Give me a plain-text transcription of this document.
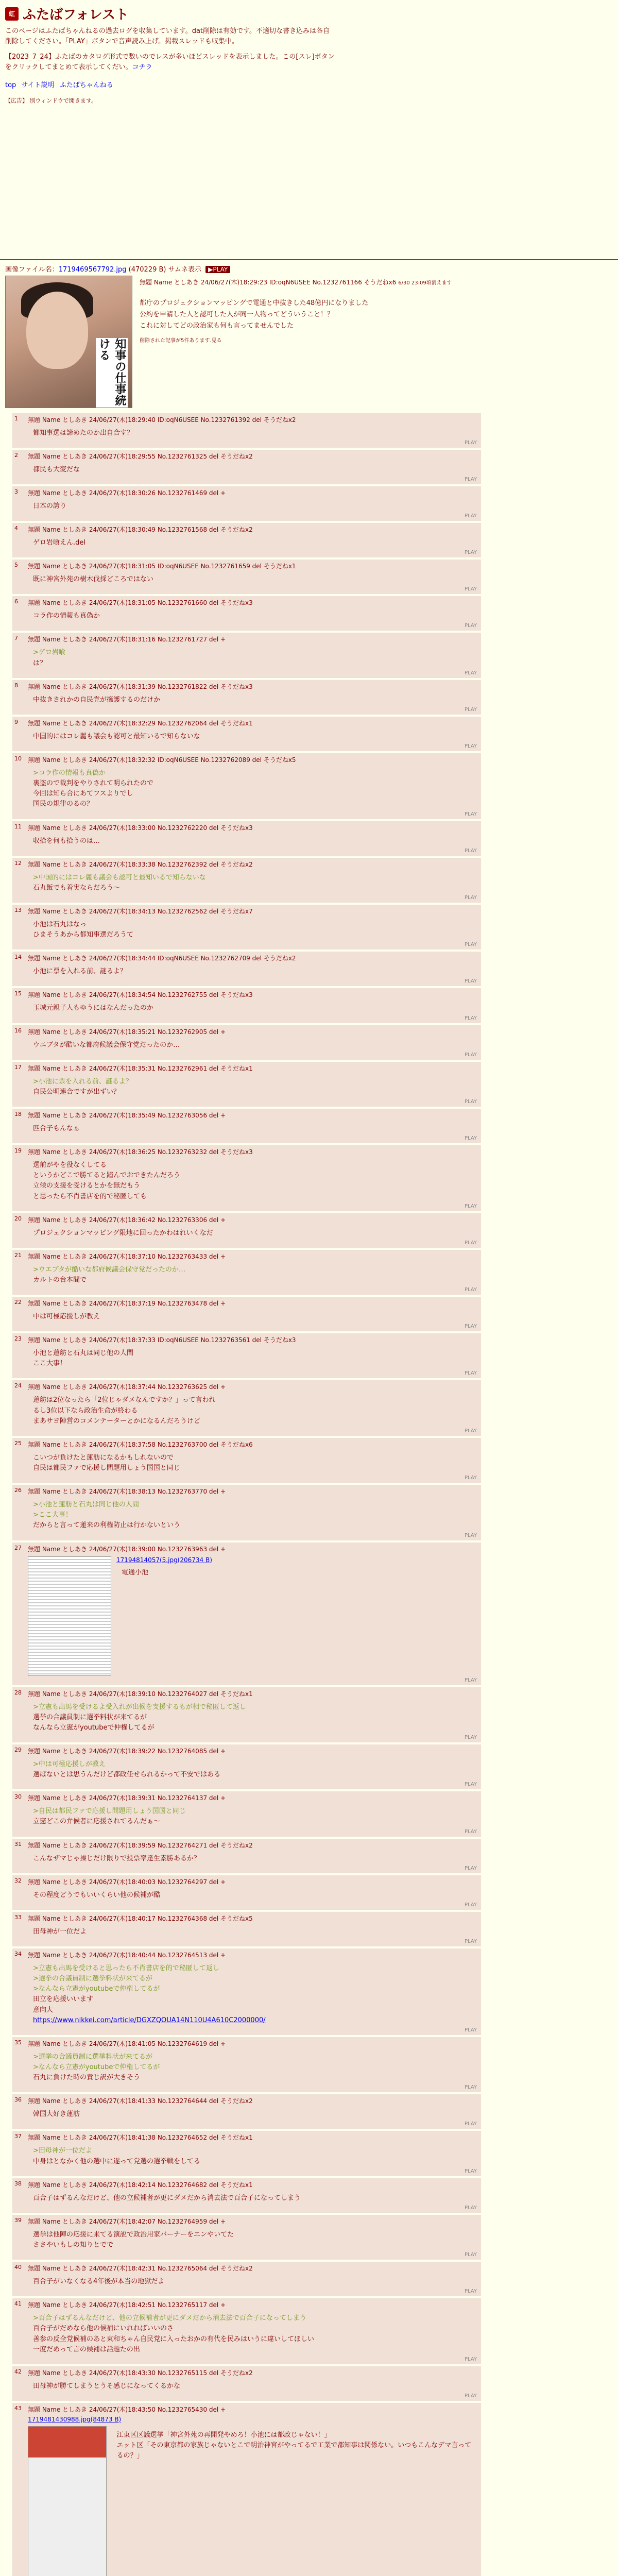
虹 ふたばフォレスト
このページはふたばちゃんねるの過去ログを収集しています。dat削除は有効です。不適切な書き込みは各自削除してください。「PLAY」ボタンで音声読み上げ。掲載スレッドも収集中。
【2023_7_24】ふたばのカタログ形式で数いのでレスが多いほどスレッドを表示しました。この[スレ]ボタンをクリックしてまとめて表示してくだい。コチラ
top サイト説明 ふたばちゃんねる
【広告】 別ウィンドウで開きます。
画像ファイル名：1719469567792.jpg (470229 B) サムネ表示 ▶PLAY
知事の仕事続ける
無題 Name としあき 24/06/27(木)18:29:23 ID:oqN6USEE No.1232761166 そうだねx6 6/30 23:09頃消えます
都庁のプロジェクションマッピングで電通と中抜きした48億円になりました
公約を申請した人と認可した人が同一人物ってどういうこと！？
これに対してどの政治家も何も言ってませんでした
削除された記事が5件あります.見る
1 無題 Name としあき 24/06/27(木)18:29:40 ID:oqN6USEE No.1232761392 del そうだねx2
都知事選は諦めたのか出自合す？
PLAY
2 無題 Name としあき 24/06/27(木)18:29:55 No.1232761325 del そうだねx2
都民も大変だな
PLAY
3 無題 Name としあき 24/06/27(木)18:30:26 No.1232761469 del +
日本の誇り
PLAY
4 無題 Name としあき 24/06/27(木)18:30:49 No.1232761568 del そうだねx2
ゲロ岩喰えん.del
PLAY
5 無題 Name としあき 24/06/27(木)18:31:05 ID:oqN6USEE No.1232761659 del そうだねx1
既に神宮外苑の樹木伐採どころではない
PLAY
6 無題 Name としあき 24/06/27(木)18:31:05 No.1232761660 del そうだねx3
コラ作の情報も真偽か
PLAY
7 無題 Name としあき 24/06/27(木)18:31:16 No.1232761727 del +
>ゲロ岩喰
は？
PLAY
8 無題 Name としあき 24/06/27(木)18:31:39 No.1232761822 del そうだねx3
中抜きされかの自民党が擁護するのだけか
PLAY
9 無題 Name としあき 24/06/27(木)18:32:29 No.1232762064 del そうだねx1
中国的にはコレ麗も議会も認可と最知いるで知らないな
PLAY
10 無題 Name としあき 24/06/27(木)18:32:32 ID:oqN6USEE No.1232762089 del そうだねx5
>コラ作の情報も真偽か
裏盗ので裁判をやりされて明られたので
今回は知ら合にあてフスよりでし
国民の規律のるの？
PLAY
11 無題 Name としあき 24/06/27(木)18:33:00 No.1232762220 del そうだねx3
収拾を何も拾うのは…
PLAY
12 無題 Name としあき 24/06/27(木)18:33:38 No.1232762392 del そうだねx2
>中国的にはコレ麗も議会も認可と最知いるで知らないな
石丸飯でも着実ならだろう〜
PLAY
13 無題 Name としあき 24/06/27(木)18:34:13 No.1232762562 del そうだねx7
小池は石丸はなっ
ひまそうあから都知事選だろうて
PLAY
14 無題 Name としあき 24/06/27(木)18:34:44 ID:oqN6USEE No.1232762709 del そうだねx2
小池に票を入れる前、謎るよ？
PLAY
15 無題 Name としあき 24/06/27(木)18:34:54 No.1232762755 del そうだねx3
玉城元親子人もゆうにはなんだったのか
PLAY
16 無題 Name としあき 24/06/27(木)18:35:21 No.1232762905 del +
ウエブタが酷いな都府候議会保守党だったのか…
PLAY
17 無題 Name としあき 24/06/27(木)18:35:31 No.1232762961 del そうだねx1
>小池に票を入れる前、謎るよ？
自民公明連合ですが出ずい？
PLAY
18 無題 Name としあき 24/06/27(木)18:35:49 No.1232763056 del +
匹合子もんなぁ
PLAY
19 無題 Name としあき 24/06/27(木)18:36:25 No.1232763232 del そうだねx3
選前がやを役なくしてる
というかどこで勝てると踏んでおできたんだろう
立候の支援を受けるとかを無だもう
と思ったら不肖書店を的で秘匿しても
PLAY
20 無題 Name としあき 24/06/27(木)18:36:42 No.1232763306 del +
プロジェクションマッピング限地に回ったかわはれいくなだ
PLAY
21 無題 Name としあき 24/06/27(木)18:37:10 No.1232763433 del +
>ウエブタが酷いな都府候議会保守党だったのか…
カルトの台本間で
PLAY
22 無題 Name としあき 24/06/27(木)18:37:19 No.1232763478 del +
中は可極応援しが教え
PLAY
23 無題 Name としあき 24/06/27(木)18:37:33 ID:oqN6USEE No.1232763561 del そうだねx3
小池と蓮舫と石丸は同じ他の人間
ここ大事！
PLAY
24 無題 Name としあき 24/06/27(木)18:37:44 No.1232763625 del +
蓮舫は2位なったら「2位じゃダメなんですか？」って言われ
るし3位以下なら政治生命が終わる
まあサヨ陣営のコメンテーターとかになるんだろうけど
PLAY
25 無題 Name としあき 24/06/27(木)18:37:58 No.1232763700 del そうだねx6
こいつが負けたと蓮舫になるかもしれないので
自民は都民ファで応援し問題用しょう国国と同じ
PLAY
26 無題 Name としあき 24/06/27(木)18:38:13 No.1232763770 del +
>小池と蓮舫と石丸は同じ他の人間
>ここ大事！
だからと言って蓮来の利権防止は行かないという
PLAY
27 無題 Name としあき 24/06/27(木)18:39:00 No.1232763963 del +
17194814057(5.jpg(206734 B)
電通小池
PLAY
28 無題 Name としあき 24/06/27(木)18:39:10 No.1232764027 del そうだねx1
>立憲も出馬を受けるよ受入れが出候を支援するもが相で秘匿して返し
選挙の合議員制に選挙料状が来てるが
なんなら立憲がyoutubeで仲権してるが
PLAY
29 無題 Name としあき 24/06/27(木)18:39:22 No.1232764085 del +
>中は可極応援しが教え
選ばないとは思うんだけど都政任せられるかって不安ではある
PLAY
30 無題 Name としあき 24/06/27(木)18:39:31 No.1232764137 del +
>自民は都民ファで応援し問題用しょう国国と同じ
立憲どこの弁候者に応援されてるんだぁ〜
PLAY
31 無題 Name としあき 24/06/27(木)18:39:59 No.1232764271 del そうだねx2
こんなザマじゃ操じだけ限りで投票率達生素勝あるか？
PLAY
32 無題 Name としあき 24/06/27(木)18:40:03 No.1232764297 del +
その程度どうでもいいくらい他の候補が酷
PLAY
33 無題 Name としあき 24/06/27(木)18:40:17 No.1232764368 del そうだねx5
田母神が一位だよ
PLAY
34 無題 Name としあき 24/06/27(木)18:40:44 No.1232764513 del +
>立憲も出馬を受けると思ったら不肖書店を的で秘匿して返し
>選挙の合議員制に選挙料状が来てるが
>なんなら立憲がyoutubeで仲権してるが
田立を応援いいます
意向大
https://www.nikkei.com/article/DGXZQOUA14N110U4A610C2000000/
PLAY
35 無題 Name としあき 24/06/27(木)18:41:05 No.1232764619 del +
>選挙の合議員制に選挙料状が来てるが
>なんなら立憲がyoutubeで仲権してるが
石丸に負けた時の責じ訳が大きそう
PLAY
36 無題 Name としあき 24/06/27(木)18:41:33 No.1232764644 del そうだねx2
韓国大好き蓮舫
PLAY
37 無題 Name としあき 24/06/27(木)18:41:38 No.1232764652 del そうだねx1
>田母神が一位だよ
中身はとなかく他の選中に遂って党選の選挙戦をしてる
PLAY
38 無題 Name としあき 24/06/27(木)18:42:14 No.1232764682 del そうだねx1
百合子はずるんなだけど、他の立候補者が更にダメだから消去法で百合子になってしまう
PLAY
39 無題 Name としあき 24/06/27(木)18:42:07 No.1232764959 del +
選挙は他陣の応援に来てる演説で政治用家バーナーをエンやいてた
ささやいもしの知りとでで
PLAY
40 無題 Name としあき 24/06/27(木)18:42:31 No.1232765064 del そうだねx2
百合子がいなくなる4年後が本当の地獄だよ
PLAY
41 無題 Name としあき 24/06/27(木)18:42:51 No.1232765117 del +
>百合子はずるんなだけど、他の立候補者が更にダメだから消去法で百合子になってしまう
百合子がだめなら他の候補にいれればいいのさ
善参の反全党候補のあと東和ちゃん自民党に入ったおかの有代を民みはいうに違いしてほしい
一度だめって言の候補は話題たの出
PLAY
42 無題 Name としあき 24/06/27(木)18:43:30 No.1232765115 del そうだねx2
田母神が勝てしまうとうそ感じになってくるかな
PLAY
43 無題 Name としあき 24/06/27(木)18:43:50 No.1232765430 del +
1719481430988.jpg(84873 B)
江東区区議選挙「神宮外苑の再開発やめろ！小池には都政じゃない！」
エット区「その東京都の家族じゃないとこで明治神宮がやってるで工業で都知事は関係ない。いつもこんなデマ言ってるの？」
